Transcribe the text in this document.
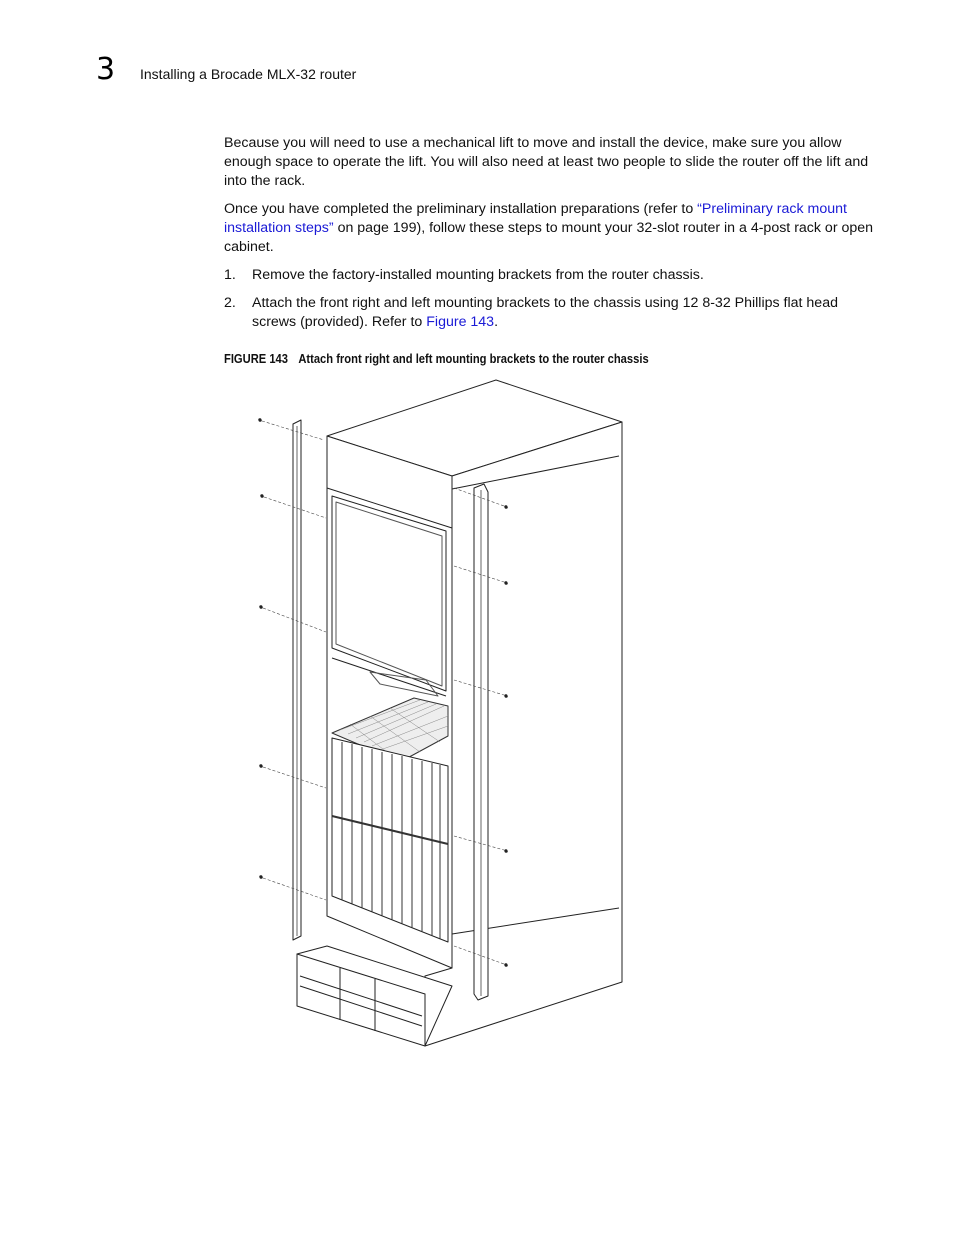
3 Installing a Brocade MLX-32 router

Because you will need to use a mechanical lift to move and install the device, make sure you allow enough space to operate the lift. You will also need at least two people to slide the router off the lift and into the rack.

Once you have completed the preliminary installation preparations (refer to “Preliminary rack mount installation steps” on page 199), follow these steps to mount your 32-slot router in a 4-post rack or open cabinet.

1. Remove the factory-installed mounting brackets from the router chassis.
2. Attach the front right and left mounting brackets to the chassis using 12 8-32 Phillips flat head screws (provided). Refer to Figure 143.
FIGURE 143 Attach front right and left mounting brackets to the router chassis
